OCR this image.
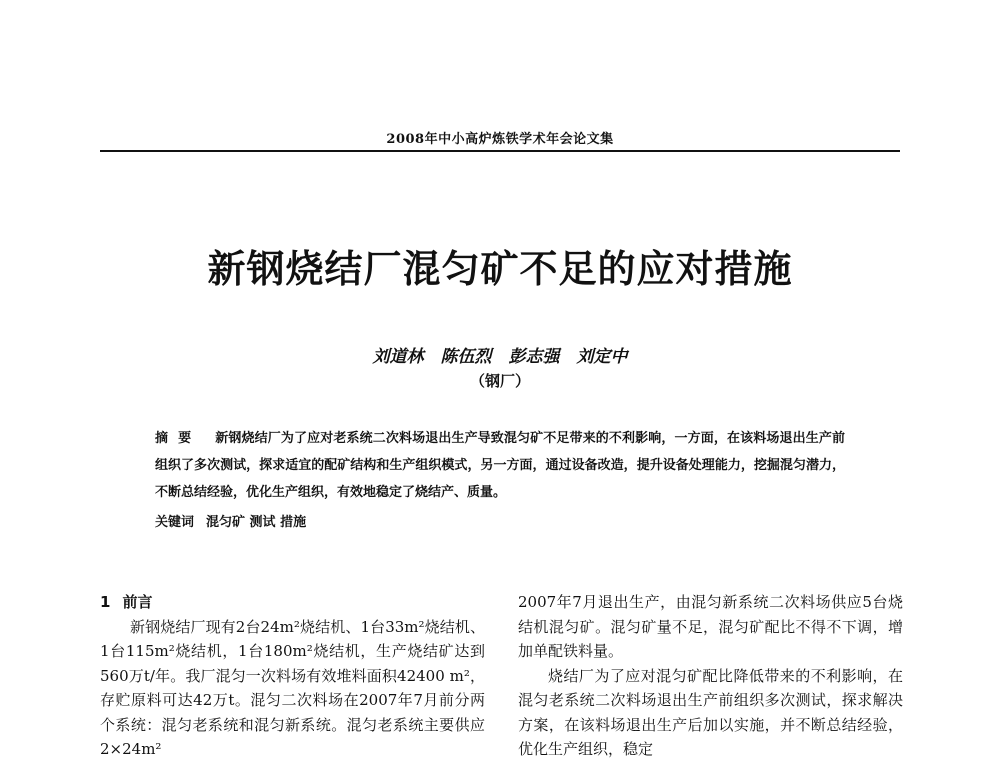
2008年中小高炉炼铁学术年会论文集
新钢烧结厂混匀矿不足的应对措施
刘道林　陈伍烈　彭志强　刘定中
（钢厂）
摘要 新钢烧结厂为了应对老系统二次料场退出生产导致混匀矿不足带来的不利影响，一方面，在该料场退出生产前组织了多次测试，探求适宜的配矿结构和生产组织模式，另一方面，通过设备改造，提升设备处理能力，挖掘混匀潜力，不断总结经验，优化生产组织，有效地稳定了烧结产、质量。
关键词 混匀矿 测试 措施
1 前言

新钢烧结厂现有2台24m²烧结机、1台33m²烧结机、1台115m²烧结机，1台180m²烧结机，生产烧结矿达到560万t/年。我厂混匀一次料场有效堆料面积42400 m²，存贮原料可达42万t。混匀二次料场在2007年7月前分两个系统：混匀老系统和混匀新系统。混匀老系统主要供应2×24m²

2007年7月退出生产，由混匀新系统二次料场供应5台烧结机混匀矿。混匀矿量不足，混匀矿配比不得不下调，增加单配铁料量。

烧结厂为了应对混匀矿配比降低带来的不利影响，在混匀老系统二次料场退出生产前组织多次测试，探求解决方案，在该料场退出生产后加以实施，并不断总结经验，优化生产组织，稳定
